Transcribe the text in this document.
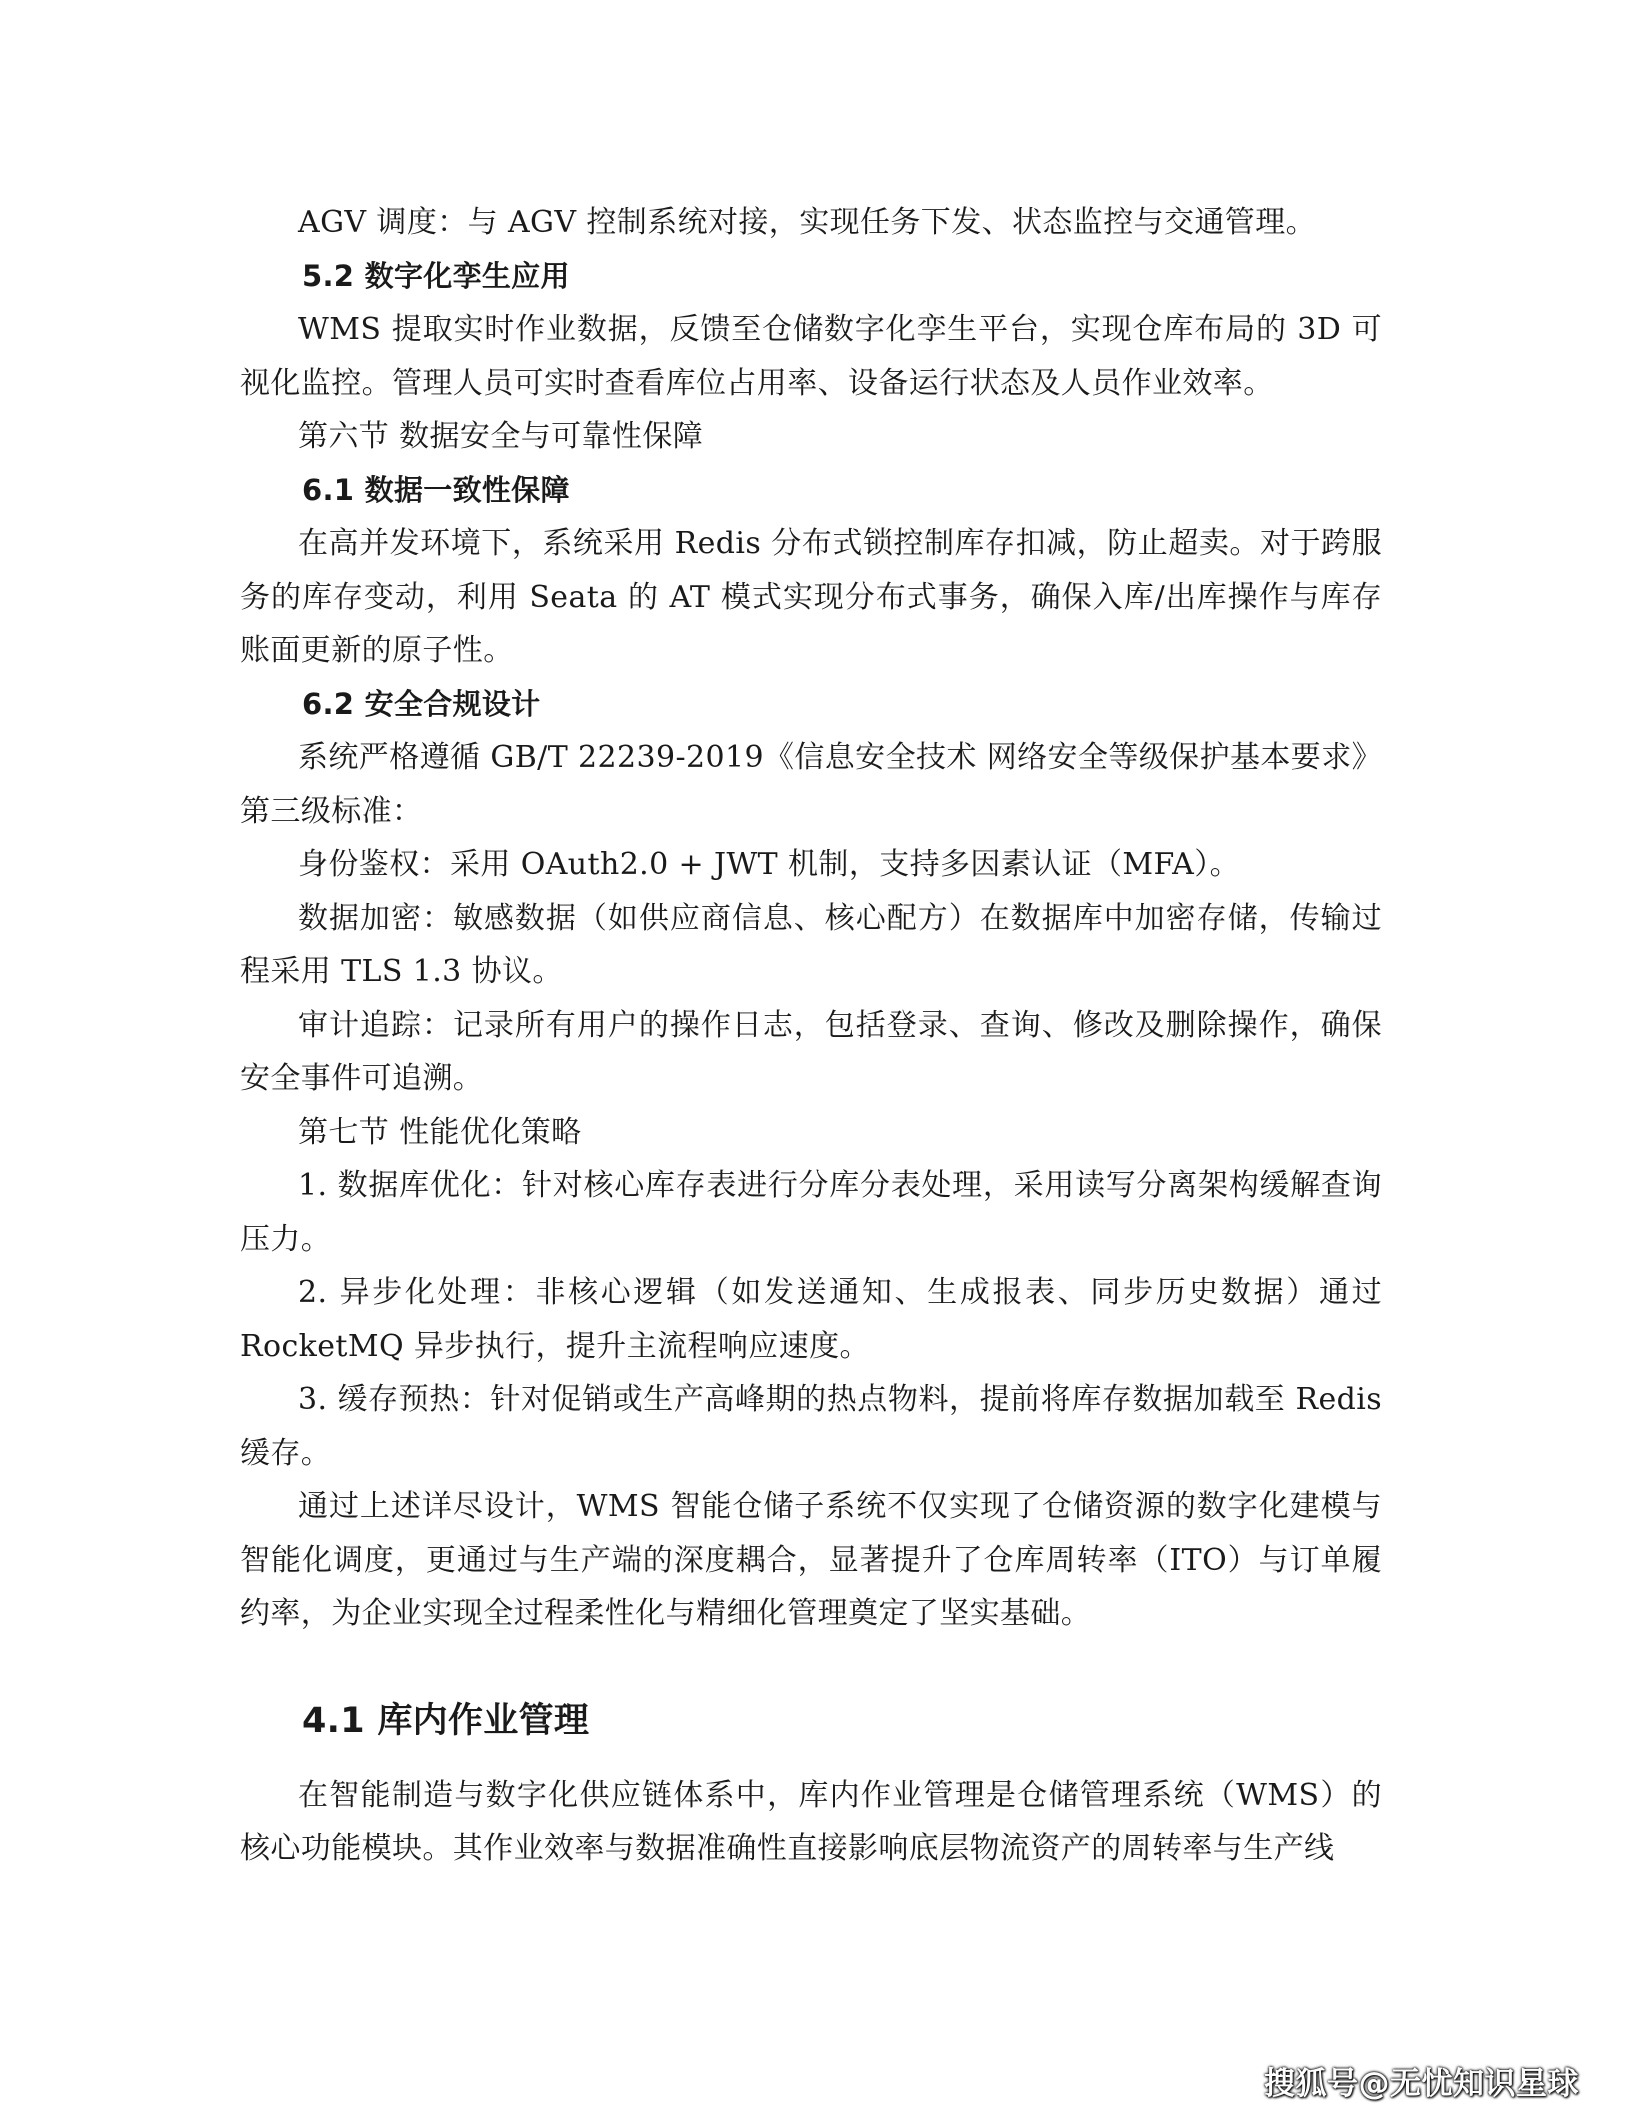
AGV 调度：与 AGV 控制系统对接，实现任务下发、状态监控与交通管理。

5.2 数字化孪生应用

WMS 提取实时作业数据，反馈至仓储数字化孪生平台，实现仓库布局的 3D 可视化监控。管理人员可实时查看库位占用率、设备运行状态及人员作业效率。

第六节 数据安全与可靠性保障

6.1 数据一致性保障

在高并发环境下，系统采用 Redis 分布式锁控制库存扣减，防止超卖。对于跨服务的库存变动，利用 Seata 的 AT 模式实现分布式事务，确保入库/出库操作与库存账面更新的原子性。

6.2 安全合规设计

系统严格遵循 GB/T 22239-2019《信息安全技术 网络安全等级保护基本要求》第三级标准：

身份鉴权：采用 OAuth2.0 + JWT 机制，支持多因素认证（MFA）。

数据加密：敏感数据（如供应商信息、核心配方）在数据库中加密存储，传输过程采用 TLS 1.3 协议。

审计追踪：记录所有用户的操作日志，包括登录、查询、修改及删除操作，确保安全事件可追溯。

第七节 性能优化策略

1. 数据库优化：针对核心库存表进行分库分表处理，采用读写分离架构缓解查询压力。

2. 异步化处理：非核心逻辑（如发送通知、生成报表、同步历史数据）通过 RocketMQ 异步执行，提升主流程响应速度。

3. 缓存预热：针对促销或生产高峰期的热点物料，提前将库存数据加载至 Redis 缓存。

通过上述详尽设计，WMS 智能仓储子系统不仅实现了仓储资源的数字化建模与智能化调度，更通过与生产端的深度耦合，显著提升了仓库周转率（ITO）与订单履约率，为企业实现全过程柔性化与精细化管理奠定了坚实基础。

4.1 库内作业管理

在智能制造与数字化供应链体系中，库内作业管理是仓储管理系统（WMS）的核心功能模块。其作业效率与数据准确性直接影响底层物流资产的周转率与生产线

搜狐号@无忧知识星球
